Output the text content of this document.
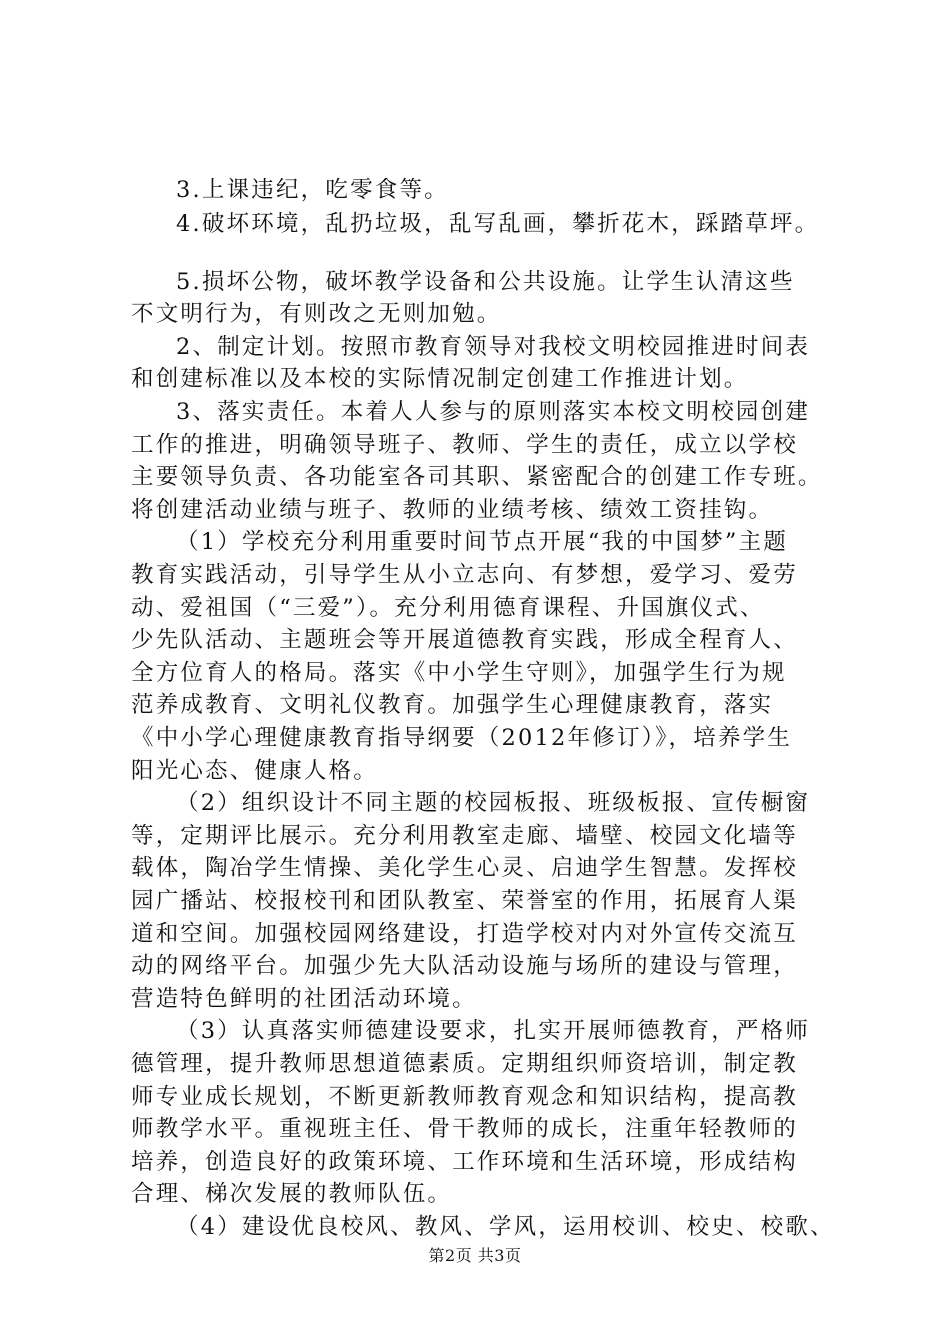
3.上课违纪，吃零食等。
4.破坏环境，乱扔垃圾，乱写乱画，攀折花木，踩踏草坪。
5.损坏公物，破坏教学设备和公共设施。让学生认清这些
不文明行为，有则改之无则加勉。
2、制定计划。按照市教育领导对我校文明校园推进时间表
和创建标准以及本校的实际情况制定创建工作推进计划。
3、落实责任。本着人人参与的原则落实本校文明校园创建
工作的推进，明确领导班子、教师、学生的责任，成立以学校
主要领导负责、各功能室各司其职、紧密配合的创建工作专班。
将创建活动业绩与班子、教师的业绩考核、绩效工资挂钩。
（1）学校充分利用重要时间节点开展“我的中国梦”主题
教育实践活动，引导学生从小立志向、有梦想，爱学习、爱劳
动、爱祖国（“三爱”）。充分利用德育课程、升国旗仪式、
少先队活动、主题班会等开展道德教育实践，形成全程育人、
全方位育人的格局。落实《中小学生守则》，加强学生行为规
范养成教育、文明礼仪教育。加强学生心理健康教育，落实
《中小学心理健康教育指导纲要（2012年修订）》，培养学生
阳光心态、健康人格。
（2）组织设计不同主题的校园板报、班级板报、宣传橱窗
等，定期评比展示。充分利用教室走廊、墙壁、校园文化墙等
载体，陶冶学生情操、美化学生心灵、启迪学生智慧。发挥校
园广播站、校报校刊和团队教室、荣誉室的作用，拓展育人渠
道和空间。加强校园网络建设，打造学校对内对外宣传交流互
动的网络平台。加强少先大队活动设施与场所的建设与管理，
营造特色鲜明的社团活动环境。
（3）认真落实师德建设要求，扎实开展师德教育，严格师
德管理，提升教师思想道德素质。定期组织师资培训，制定教
师专业成长规划，不断更新教师教育观念和知识结构，提高教
师教学水平。重视班主任、骨干教师的成长，注重年轻教师的
培养，创造良好的政策环境、工作环境和生活环境，形成结构
合理、梯次发展的教师队伍。
（4）建设优良校风、教风、学风，运用校训、校史、校歌、
第2页 共3页
